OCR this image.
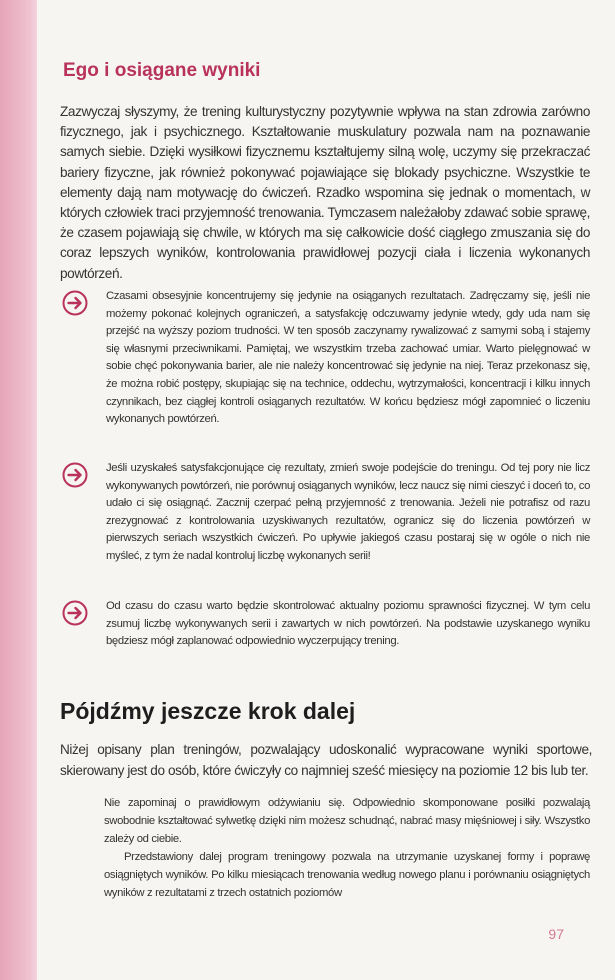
Ego i osiągane wyniki

Zazwyczaj słyszymy, że trening kulturystyczny pozytywnie wpływa na stan zdrowia zarówno fizycznego, jak i psychicznego. Kształtowanie muskulatury pozwala nam na poznawanie samych siebie. Dzięki wysiłkowi fizycznemu kształtujemy silną wolę, uczymy się przekraczać bariery fizyczne, jak również pokonywać pojawiające się blokady psychiczne. Wszystkie te elementy dają nam motywację do ćwiczeń. Rzadko wspomina się jednak o momentach, w których człowiek traci przyjemność trenowania. Tymczasem należałoby zdawać sobie sprawę, że czasem pojawiają się chwile, w których ma się całkowicie dość ciągłego zmuszania się do coraz lepszych wyników, kontrolowania prawidłowej pozycji ciała i liczenia wykonanych powtórzeń.

Czasami obsesyjnie koncentrujemy się jedynie na osiąganych rezultatach. Zadręczamy się, jeśli nie możemy pokonać kolejnych ograniczeń, a satysfakcję odczuwamy jedynie wtedy, gdy uda nam się przejść na wyższy poziom trudności. W ten sposób zaczynamy rywalizować z samymi sobą i stajemy się własnymi przeciwnikami. Pamiętaj, we wszystkim trzeba zachować umiar. Warto pielęgnować w sobie chęć pokonywania barier, ale nie należy koncentrować się jedynie na niej. Teraz przekonasz się, że można robić postępy, skupiając się na technice, oddechu, wytrzymałości, koncentracji i kilku innych czynnikach, bez ciągłej kontroli osiąganych rezultatów. W końcu będziesz mógł zapomnieć o liczeniu wykonanych powtórzeń.

Jeśli uzyskałeś satysfakcjonujące cię rezultaty, zmień swoje podejście do treningu. Od tej pory nie licz wykonywanych powtórzeń, nie porównuj osiąganych wyników, lecz naucz się nimi cieszyć i doceń to, co udało ci się osiągnąć. Zacznij czerpać pełną przyjemność z trenowania. Jeżeli nie potrafisz od razu zrezygnować z kontrolowania uzyskiwanych rezultatów, ogranicz się do liczenia powtórzeń w pierwszych seriach wszystkich ćwiczeń. Po upływie jakiegoś czasu postaraj się w ogóle o nich nie myśleć, z tym że nadal kontroluj liczbę wykonanych serii!

Od czasu do czasu warto będzie skontrolować aktualny poziomu sprawności fizycznej. W tym celu zsumuj liczbę wykonywanych serii i zawartych w nich powtórzeń. Na podstawie uzyskanego wyniku będziesz mógł zaplanować odpowiednio wyczerpujący trening.

Pójdźmy jeszcze krok dalej

Niżej opisany plan treningów, pozwalający udoskonalić wypracowane wyniki sportowe, skierowany jest do osób, które ćwiczyły co najmniej sześć miesięcy na poziomie 12 bis lub ter.

Nie zapominaj o prawidłowym odżywianiu się. Odpowiednio skomponowane posiłki pozwalają swobodnie kształtować sylwetkę dzięki nim możesz schudnąć, nabrać masy mięśniowej i siły. Wszystko zależy od ciebie.

Przedstawiony dalej program treningowy pozwala na utrzymanie uzyskanej formy i poprawę osiągniętych wyników. Po kilku miesiącach trenowania według nowego planu i porównaniu osiągniętych wyników z rezultatami z trzech ostatnich poziomów

97
